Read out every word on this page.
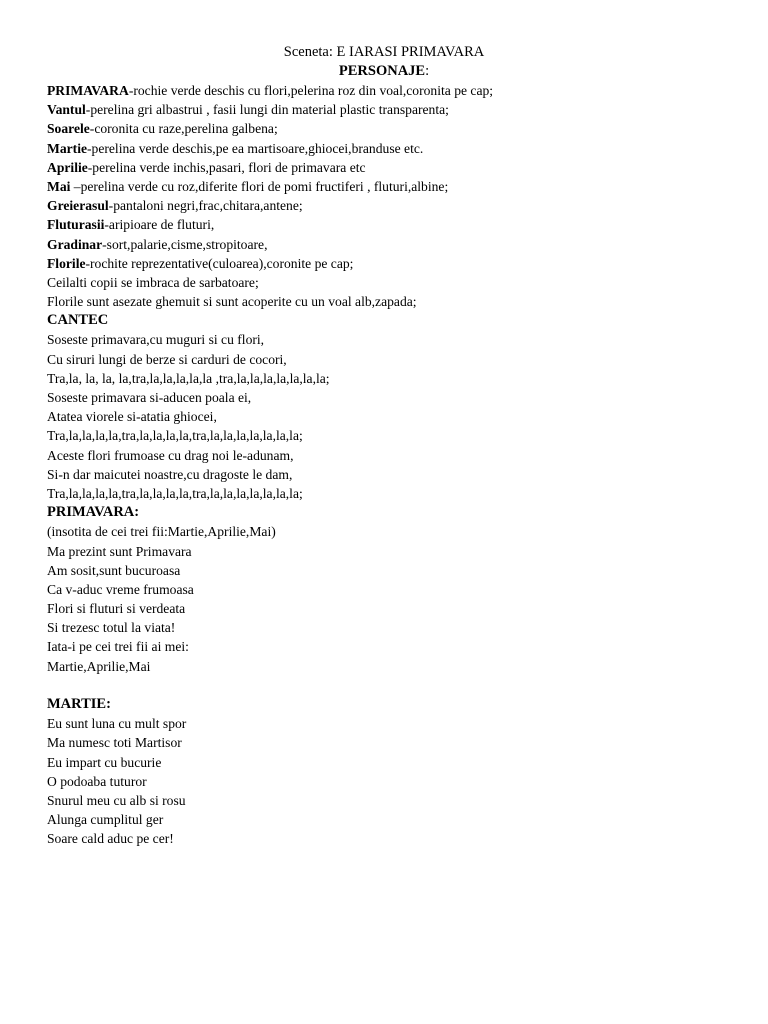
Sceneta: E IARASI PRIMAVARA
PERSONAJE:
PRIMAVARA-rochie verde deschis cu flori,pelerina roz din voal,coronita pe cap;
Vantul-perelina gri albastrui , fasii lungi din material plastic transparenta;
Soarele-coronita cu raze,perelina galbena;
Martie-perelina verde deschis,pe ea martisoare,ghiocei,branduse etc.
Aprilie-perelina verde inchis,pasari, flori de primavara etc
Mai –perelina verde cu roz,diferite flori de pomi fructiferi , fluturi,albine;
Greierasul-pantaloni negri,frac,chitara,antene;
Fluturasii-aripioare de fluturi,
Gradinar-sort,palarie,cisme,stropitoare,
Florile-rochite reprezentative(culoarea),coronite pe cap;
Ceilalti copii se imbraca de sarbatoare;
Florile sunt asezate ghemuit si sunt acoperite cu un voal alb,zapada;
CANTEC
Soseste primavara,cu muguri si cu flori,
Cu siruri lungi de berze si carduri de cocori,
Tra,la, la, la, la,tra,la,la,la,la,la ,tra,la,la,la,la,la,la,la;
Soseste primavara si-aducen poala ei,
Atatea viorele si-atatia ghiocei,
Tra,la,la,la,la,tra,la,la,la,la,tra,la,la,la,la,la,la,la;
Aceste flori frumoase cu drag noi le-adunam,
Si-n dar maicutei noastre,cu dragoste le dam,
Tra,la,la,la,la,tra,la,la,la,la,tra,la,la,la,la,la,la,la;
PRIMAVARA:
(insotita de cei trei fii:Martie,Aprilie,Mai)
Ma prezint sunt Primavara
Am sosit,sunt bucuroasa
Ca v-aduc vreme frumoasa
Flori si fluturi si verdeata
Si trezesc totul la viata!
Iata-i pe cei trei fii ai mei:
Martie,Aprilie,Mai
MARTIE:
Eu sunt luna cu mult spor
Ma numesc toti Martisor
Eu impart cu bucurie
O podoaba tuturor
Snurul meu cu alb si rosu
Alunga cumplitul ger
Soare cald aduc pe cer!
